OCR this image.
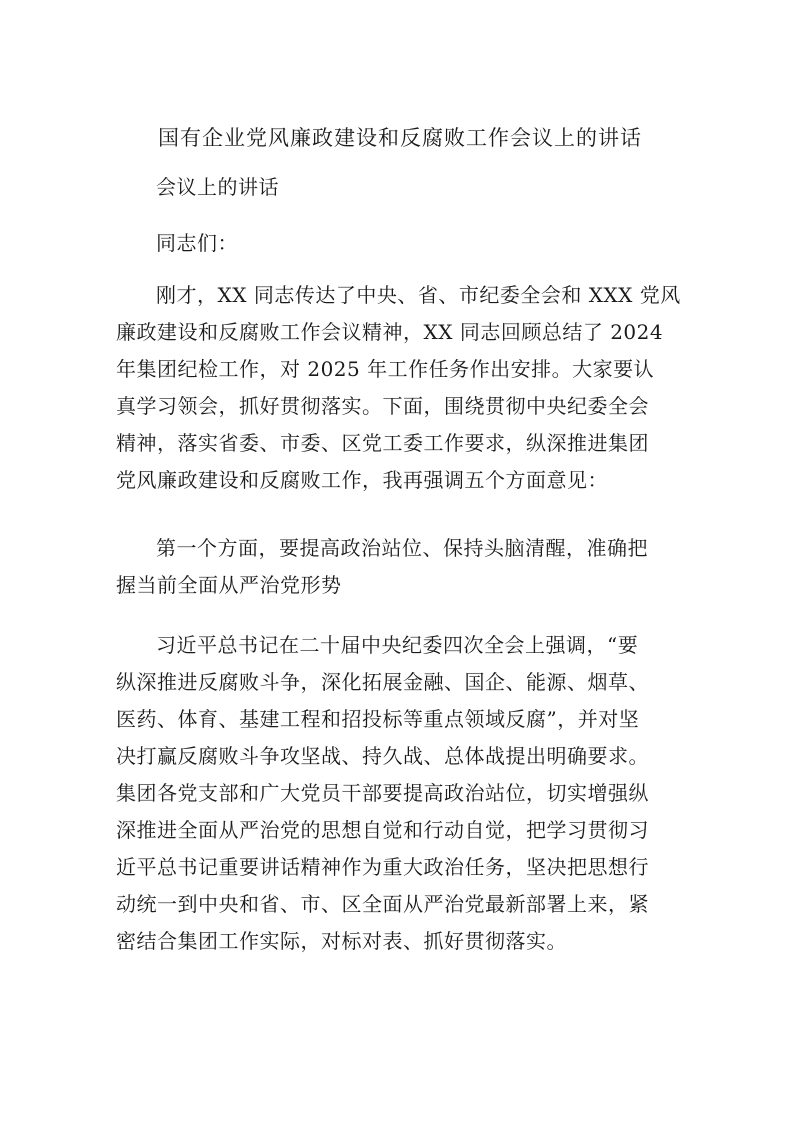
国有企业党风廉政建设和反腐败工作会议上的讲话
会议上的讲话
同志们：
刚才，XX 同志传达了中央、省、市纪委全会和 XXX 党风
廉政建设和反腐败工作会议精神，XX 同志回顾总结了 2024
年集团纪检工作，对 2025 年工作任务作出安排。大家要认
真学习领会，抓好贯彻落实。下面，围绕贯彻中央纪委全会
精神，落实省委、市委、区党工委工作要求，纵深推进集团
党风廉政建设和反腐败工作，我再强调五个方面意见：
第一个方面，要提高政治站位、保持头脑清醒，准确把
握当前全面从严治党形势
习近平总书记在二十届中央纪委四次全会上强调，“要
纵深推进反腐败斗争，深化拓展金融、国企、能源、烟草、
医药、体育、基建工程和招投标等重点领域反腐”，并对坚
决打赢反腐败斗争攻坚战、持久战、总体战提出明确要求。
集团各党支部和广大党员干部要提高政治站位，切实增强纵
深推进全面从严治党的思想自觉和行动自觉，把学习贯彻习
近平总书记重要讲话精神作为重大政治任务，坚决把思想行
动统一到中央和省、市、区全面从严治党最新部署上来，紧
密结合集团工作实际，对标对表、抓好贯彻落实。
